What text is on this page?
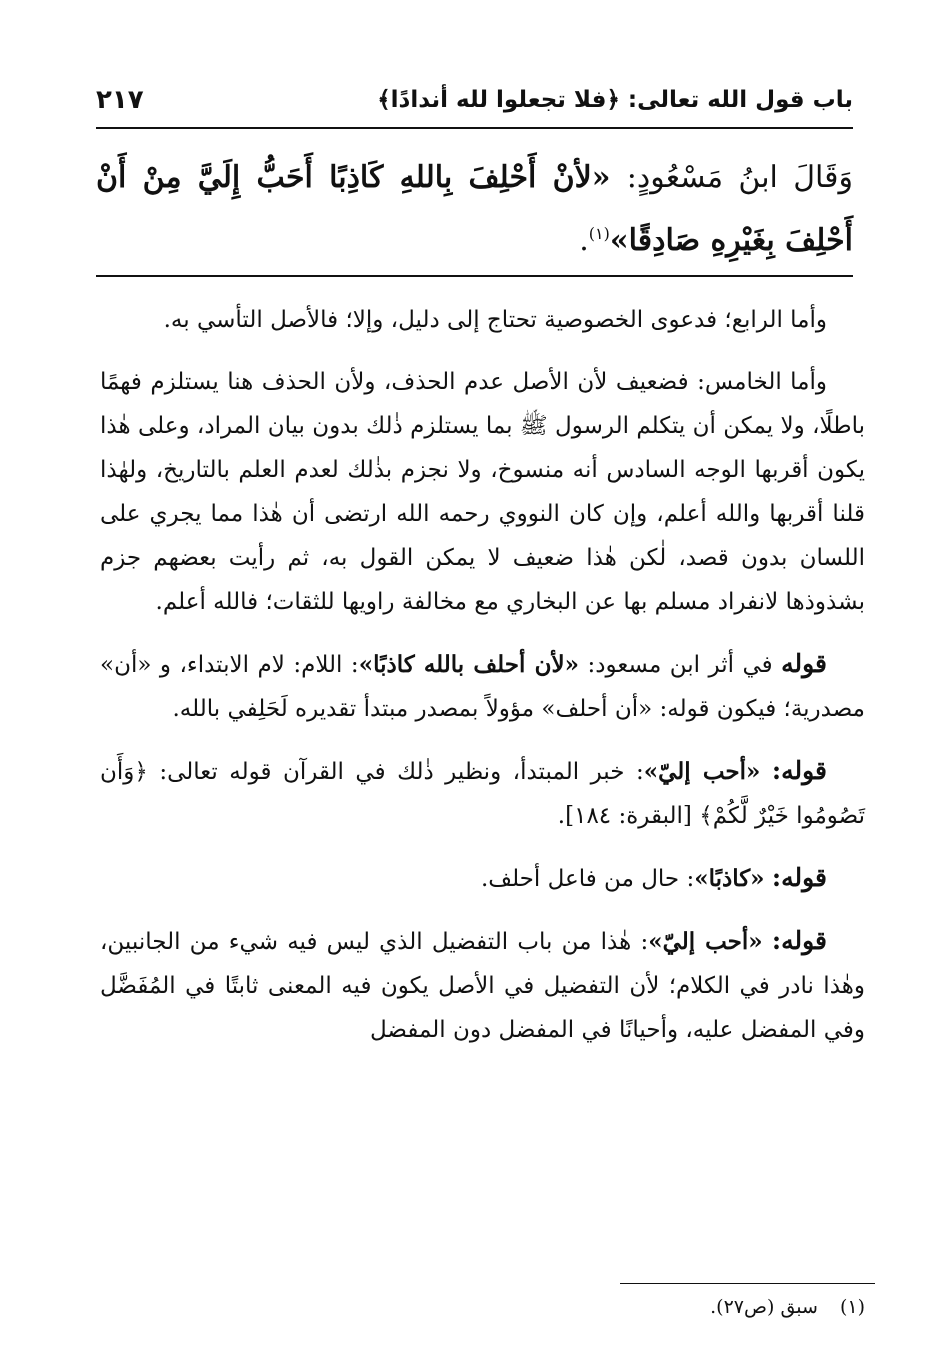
باب قول الله تعالى: ﴿فلا تجعلوا لله أندادًا﴾
٢١٧
وَقَالَ ابنُ مَسْعُودٍ: «لأنْ أَحْلِفَ بِاللهِ كَاذِبًا أَحَبُّ إِلَيَّ مِنْ أَنْ أَحْلِفَ بِغَيْرِهِ صَادِقًا»$^{(١)}$.

وأما الرابع؛ فدعوى الخصوصية تحتاج إلى دليل، وإلا؛ فالأصل التأسي به.

وأما الخامس: فضعيف لأن الأصل عدم الحذف، ولأن الحذف هنا يستلزم فهمًا باطلًا، ولا يمكن أن يتكلم الرسول ﷺ بما يستلزم ذٰلك بدون بيان المراد، وعلى هٰذا يكون أقربها الوجه السادس أنه منسوخ، ولا نجزم بذٰلك لعدم العلم بالتاريخ، ولهٰذا قلنا أقربها والله أعلم، وإن كان النووي رحمه الله ارتضى أن هٰذا مما يجري على اللسان بدون قصد، لٰكن هٰذا ضعيف لا يمكن القول به، ثم رأيت بعضهم جزم بشذوذها لانفراد مسلم بها عن البخاري مع مخالفة راويها للثقات؛ فالله أعلم.

قوله في أثر ابن مسعود: «لأن أحلف بالله كاذبًا»: اللام: لام الابتداء، و «أن» مصدرية؛ فيكون قوله: «أن أحلف» مؤولاً بمصدر مبتدأ تقديره لَحَلِفي بالله.

قوله: «أحب إليّ»: خبر المبتدأ، ونظير ذٰلك في القرآن قوله تعالى: ﴿وَأَن تَصُومُوا خَيْرٌ لَّكُمْ﴾ [البقرة: ١٨٤].

قوله: «كاذبًا»: حال من فاعل أحلف.

قوله: «أحب إليّ»: هٰذا من باب التفضيل الذي ليس فيه شيء من الجانبين، وهٰذا نادر في الكلام؛ لأن التفضيل في الأصل يكون فيه المعنى ثابتًا في المُفَضَّل وفي المفضل عليه، وأحيانًا في المفضل دون المفضل

(١)
سبق (ص٢٧).
